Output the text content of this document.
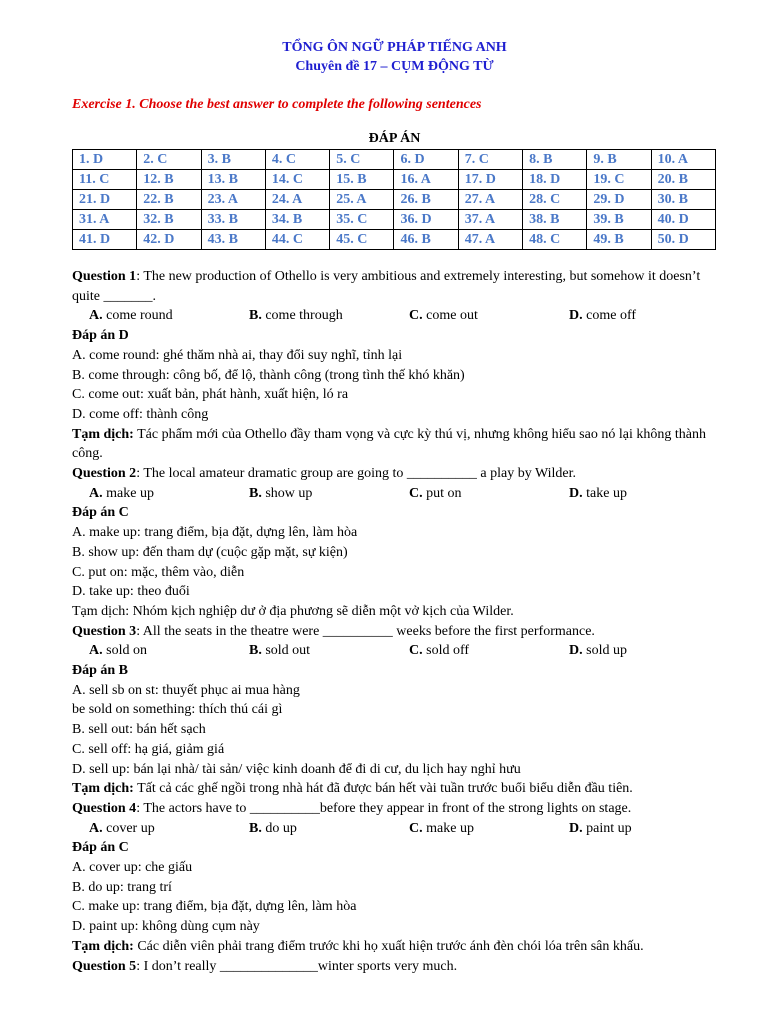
TỔNG ÔN NGỮ PHÁP TIẾNG ANH
Chuyên đề 17 – CỤM ĐỘNG TỪ
Exercise 1. Choose the best answer to complete the following sentences
ĐÁP ÁN
1. D	2. C	3. B	4. C	5. C	6. D	7. C	8. B	9. B	10. A
11. C	12. B	13. B	14. C	15. B	16. A	17. D	18. D	19. C	20. B
21. D	22. B	23. A	24. A	25. A	26. B	27. A	28. C	29. D	30. B
31. A	32. B	33. B	34. B	35. C	36. D	37. A	38. B	39. B	40. D
41. D	42. D	43. B	44. C	45. C	46. B	47. A	48. C	49. B	50. D
Question 1: The new production of Othello is very ambitious and extremely interesting, but somehow it doesn’t quite _______.
A. come round	B. come through	C. come out	D. come off
Đáp án D
A. come round: ghé thăm nhà ai, thay đổi suy nghĩ, tỉnh lại
B. come through: công bố, để lộ, thành công (trong tình thế khó khăn)
C. come out: xuất bản, phát hành, xuất hiện, ló ra
D. come off: thành công
Tạm dịch: Tác phẩm mới của Othello đầy tham vọng và cực kỳ thú vị, nhưng không hiểu sao nó lại không thành công.
Question 2: The local amateur dramatic group are going to __________ a play by Wilder.
A. make up	B. show up	C. put on	D. take up
Đáp án C
A. make up: trang điểm, bịa đặt, dựng lên, làm hòa
B. show up: đến tham dự (cuộc gặp mặt, sự kiện)
C. put on: mặc, thêm vào, diễn
D. take up: theo đuổi
Tạm dịch: Nhóm kịch nghiệp dư ở địa phương sẽ diễn một vở kịch của Wilder.
Question 3: All the seats in the theatre were __________ weeks before the first performance.
A. sold on	B. sold out	C. sold off	D. sold up
Đáp án B
A. sell sb on st: thuyết phục ai mua hàng
be sold on something: thích thú cái gì
B. sell out: bán hết sạch
C. sell off: hạ giá, giảm giá
D. sell up: bán lại nhà/ tài sản/ việc kinh doanh để đi di cư, du lịch hay nghỉ hưu
Tạm dịch: Tất cả các ghế ngồi trong nhà hát đã được bán hết vài tuần trước buổi biểu diễn đầu tiên.
Question 4: The actors have to __________before they appear in front of the strong lights on stage.
A. cover up	B. do up	C. make up	D. paint up
Đáp án C
A. cover up: che giấu
B. do up: trang trí
C. make up: trang điểm, bịa đặt, dựng lên, làm hòa
D. paint up: không dùng cụm này
Tạm dịch: Các diễn viên phải trang điểm trước khi họ xuất hiện trước ánh đèn chói lóa trên sân khấu.
Question 5: I don’t really ______________winter sports very much.
